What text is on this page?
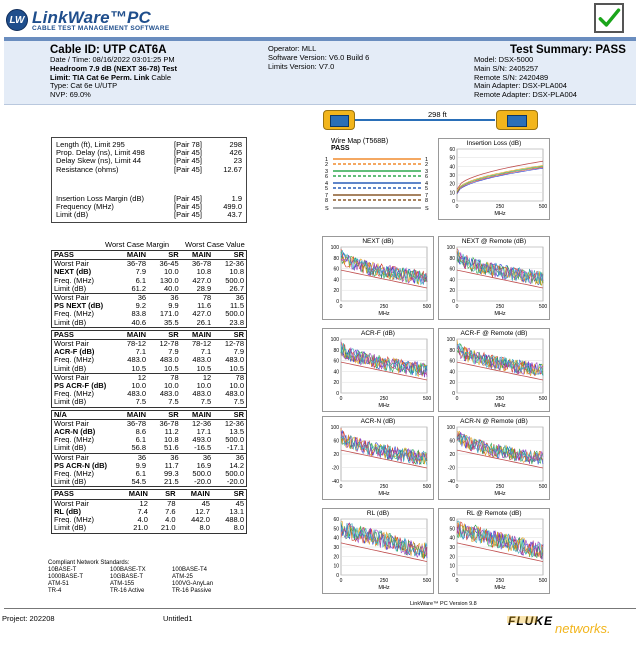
LW LinkWare™PC
CABLE TEST MANAGEMENT SOFTWARE
Cable ID: UTP CAT6A
Date / Time: 08/16/2022 03:01:25 PM
Headroom 7.9 dB (NEXT 36-78) Test
Limit: TIA Cat 6e Perm. Link Cable
Type: Cat 6e U/UTP
NVP: 69.0%
Operator: MLL
Software Version: V6.0 Build 6
Limits Version: V7.0
Test Summary: PASS
Model: DSX-5000
Main S/N: 2405257
Remote S/N: 2420489
Main Adapter: DSX-PLA004
Remote Adapter: DSX-PLA004
298 ft
Length (ft), Limit 295	[Pair 78]	298
Prop. Delay (ns), Limit 498	[Pair 45]	426
Delay Skew (ns), Limit 44	[Pair 45]	23
Resistance (ohms)	[Pair 45]	12.67
Insertion Loss Margin (dB)	[Pair 45]	1.9
Frequency (MHz)	[Pair 45]	499.0
Limit (dB)	[Pair 45]	43.7
Worst Case Margin Worst Case Value
PASS	MAIN	SR	MAIN	SR
Worst Pair	36-78	36-45	36-78	12-36
NEXT (dB)	7.9	10.0	10.8	10.8
Freq. (MHz)	6.1	130.0	427.0	500.0
Limit (dB)	61.2	40.0	28.9	26.7
Worst Pair	36	36	78	36
PS NEXT (dB)	9.2	9.9	11.6	11.5
Freq. (MHz)	83.8	171.0	427.0	500.0
Limit (dB)	40.6	35.5	26.1	23.8
PASS	MAIN	SR	MAIN	SR
Worst Pair	78-12	12-78	78-12	12-78
ACR-F (dB)	7.1	7.9	7.1	7.9
Freq. (MHz)	483.0	483.0	483.0	483.0
Limit (dB)	10.5	10.5	10.5	10.5
Worst Pair	12	78	12	78
PS ACR-F (dB)	10.0	10.0	10.0	10.0
Freq. (MHz)	483.0	483.0	483.0	483.0
Limit (dB)	7.5	7.5	7.5	7.5
N/A	MAIN	SR	MAIN	SR
Worst Pair	36-78	36-78	12-36	12-36
ACR-N (dB)	8.6	11.2	17.1	13.5
Freq. (MHz)	6.1	10.8	493.0	500.0
Limit (dB)	56.8	51.6	-16.5	-17.1
Worst Pair	36	36	36	36
PS ACR-N (dB)	9.9	11.7	16.9	14.2
Freq. (MHz)	6.1	99.3	500.0	500.0
Limit (dB)	54.5	21.5	-20.0	-20.0
PASS	MAIN	SR	MAIN	SR
Worst Pair	12	78	45	45
RL (dB)	7.4	7.6	12.7	13.1
Freq. (MHz)	4.0	4.0	442.0	488.0
Limit (dB)	21.0	21.0	8.0	8.0
Compliant Network Standards:
10BASE-T	100BASE-TX	100BASE-T4
1000BASE-T	10GBASE-T	ATM-25
ATM-51	ATM-155	100VG-AnyLan
TR-4	TR-16 Active	TR-16 Passive
Wire Map (T568B)
PASS
1	1
2	2
3	3
6	6
4	4
5	5
7	7
8	8
S	S
Insertion Loss (dB)
60
50
40
30
20
10
0
0	250	500
MHz
NEXT (dB)
100
80
60
40
20
0
0	250	500
MHz
NEXT @ Remote (dB)
100
80
60
40
20
0
0	250	500
MHz
ACR-F (dB)
100
80
60
40
20
0
0	250	500
MHz
ACR-F @ Remote (dB)
100
80
60
40
20
0
0	250	500
MHz
ACR-N (dB)
100
60
20
-20
-40
0	250	500
MHz
ACR-N @ Remote (dB)
100
60
20
-20
-40
0	250	500
MHz
RL (dB)
60
50
40
30
20
10
0
0	250	500
MHz
RL @ Remote (dB)
60
50
40
30
20
10
0
0	250	500
MHz
LinkWare™ PC Version 9.8
Project: 202208	Untitled1	FLUKE networks.
